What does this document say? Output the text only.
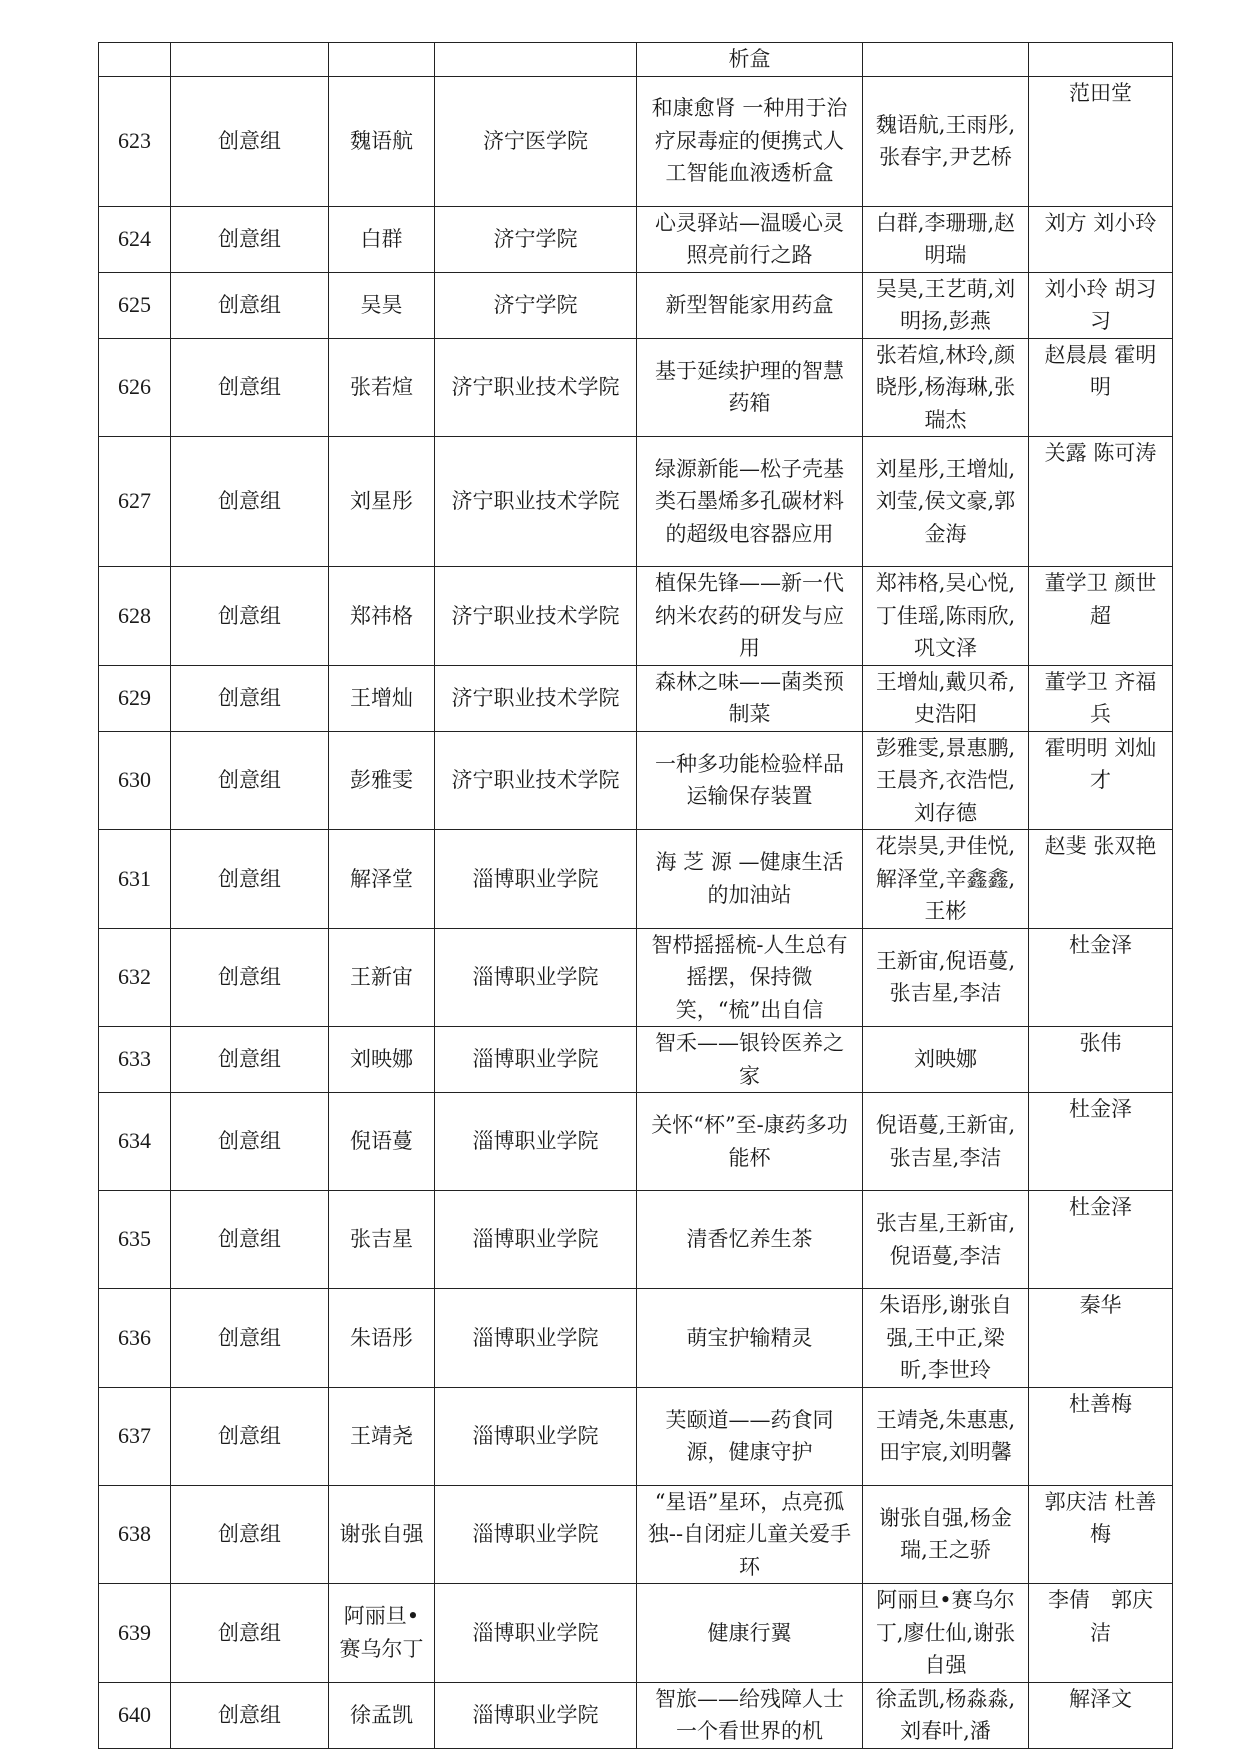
				析盒		
623	创意组	魏语航	济宁医学院	和康愈肾 一种用于治疗尿毒症的便携式人工智能血液透析盒	魏语航,王雨彤,张春宇,尹艺桥	范田堂
624	创意组	白群	济宁学院	心灵驿站—温暖心灵照亮前行之路	白群,李珊珊,赵明瑞	刘方 刘小玲
625	创意组	吴昊	济宁学院	新型智能家用药盒	吴昊,王艺萌,刘明扬,彭燕	刘小玲 胡习习
626	创意组	张若煊	济宁职业技术学院	基于延续护理的智慧药箱	张若煊,林玲,颜晓彤,杨海琳,张瑞杰	赵晨晨 霍明明
627	创意组	刘星彤	济宁职业技术学院	绿源新能—松子壳基类石墨烯多孔碳材料的超级电容器应用	刘星彤,王增灿,刘莹,侯文豪,郭金海	关露 陈可涛
628	创意组	郑祎格	济宁职业技术学院	植保先锋——新一代纳米农药的研发与应用	郑祎格,吴心悦,丁佳瑶,陈雨欣,巩文泽	董学卫 颜世超
629	创意组	王增灿	济宁职业技术学院	森林之味——菌类预制菜	王增灿,戴贝希,史浩阳	董学卫 齐福兵
630	创意组	彭雅雯	济宁职业技术学院	一种多功能检验样品运输保存装置	彭雅雯,景惠鹏,王晨齐,衣浩恺,刘存德	霍明明 刘灿才
631	创意组	解泽堂	淄博职业学院	海 芝 源 —健康生活的加油站	花崇昊,尹佳悦,解泽堂,辛鑫鑫,王彬	赵斐 张双艳
632	创意组	王新宙	淄博职业学院	智栉摇摇梳-人生总有摇摆，保持微笑，“梳”出自信	王新宙,倪语蔓,张吉星,李洁	杜金泽
633	创意组	刘映娜	淄博职业学院	智禾——银铃医养之家	刘映娜	张伟
634	创意组	倪语蔓	淄博职业学院	关怀“杯”至-康药多功能杯	倪语蔓,王新宙,张吉星,李洁	杜金泽
635	创意组	张吉星	淄博职业学院	清香忆养生茶	张吉星,王新宙,倪语蔓,李洁	杜金泽
636	创意组	朱语彤	淄博职业学院	萌宝护输精灵	朱语彤,谢张自强,王中正,梁昕,李世玲	秦华
637	创意组	王靖尧	淄博职业学院	芙颐道——药食同源，健康守护	王靖尧,朱惠惠,田宇宸,刘明馨	杜善梅
638	创意组	谢张自强	淄博职业学院	“星语”星环，点亮孤独--自闭症儿童关爱手环	谢张自强,杨金瑞,王之骄	郭庆洁 杜善梅
639	创意组	阿丽旦•赛乌尔丁	淄博职业学院	健康行翼	阿丽旦•赛乌尔丁,廖仕仙,谢张自强	李倩　郭庆洁
640	创意组	徐孟凯	淄博职业学院	智旅——给残障人士一个看世界的机	徐孟凯,杨淼淼,刘春叶,潘	解泽文
